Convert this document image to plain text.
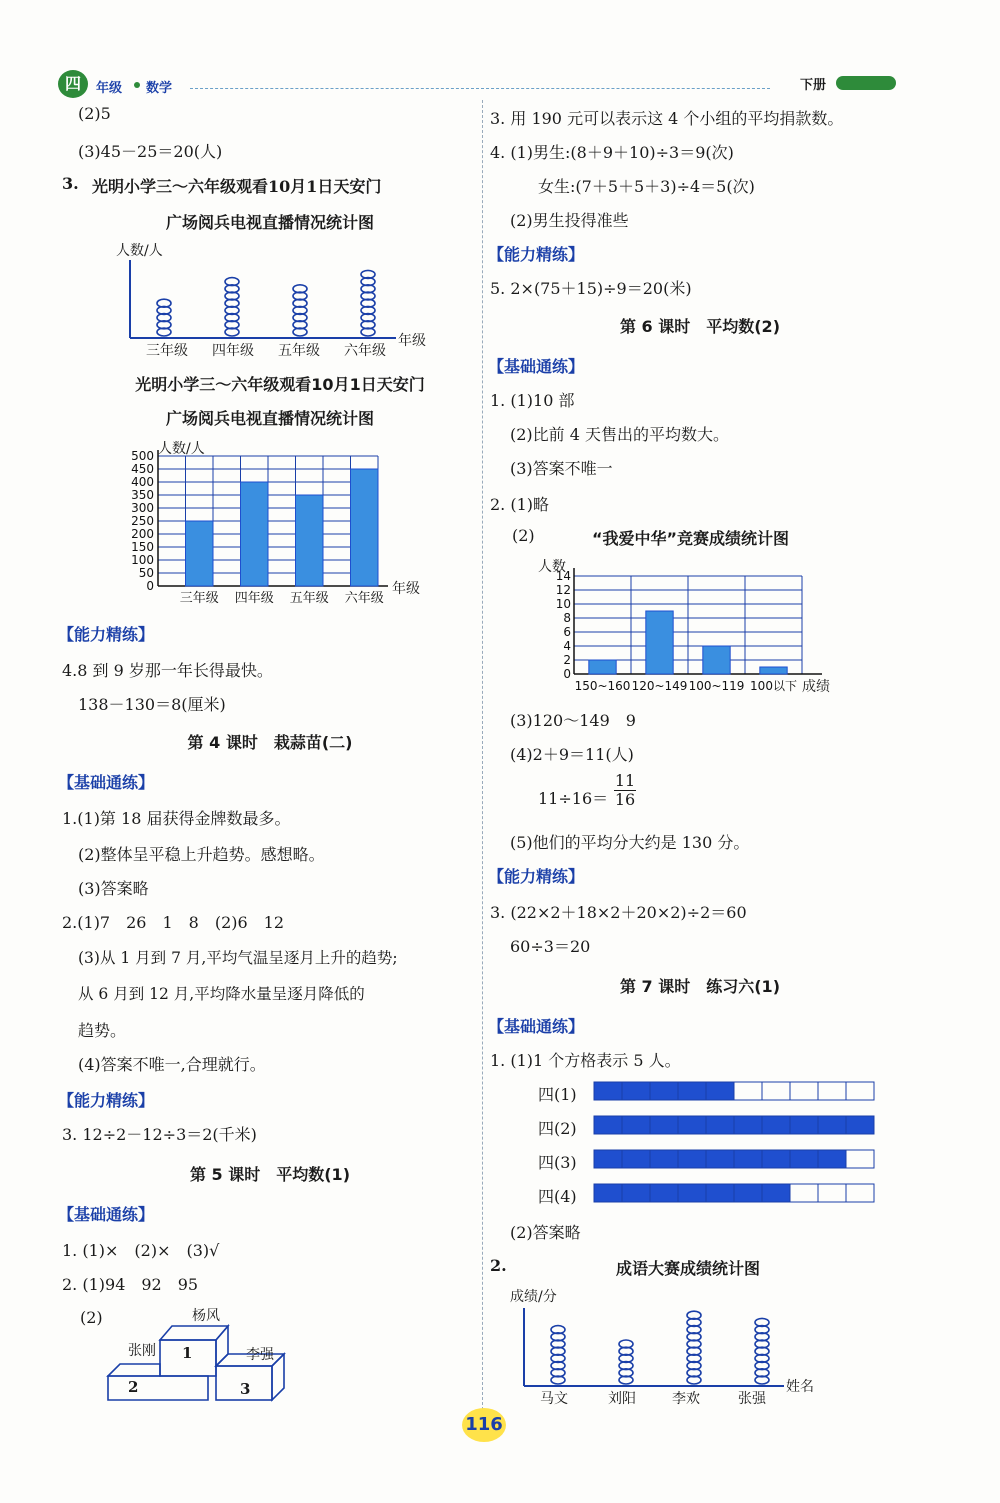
四	年级 数学	下册
(2)5
(3)45－25＝20(人)
3. 光明小学三～六年级观看10月1日天安门
广场阅兵电视直播情况统计图
人数/人
年级
三年级 四年级 五年级 六年级
光明小学三～六年级观看10月1日天安门
广场阅兵电视直播情况统计图
人数/人
年级
0
50
100
150
200
250
300
350
400
450
500
三年级 四年级 五年级 六年级
【能力精练】
4.8 到 9 岁那一年长得最快。
138－130＝8(厘米)
第 4 课时　栽蒜苗(二)
【基础通练】
1.(1)第 18 届获得金牌数最多。
(2)整体呈平稳上升趋势。感想略。
(3)答案略
2.(1)7　26　1　8　(2)6　12
(3)从 1 月到 7 月,平均气温呈逐月上升的趋势;
从 6 月到 12 月,平均降水量呈逐月降低的
趋势。
(4)答案不唯一,合理就行。
【能力精练】
3. 12÷2－12÷3＝2(千米)
第 5 课时　平均数(1)
【基础通练】
1. (1)×　(2)×　(3)√
2. (1)94　92　95
(2)	杨风
张刚	李强
1
2	3
3. 用 190 元可以表示这 4 个小组的平均捐款数。
4. (1)男生:(8＋9＋10)÷3＝9(次)
女生:(7＋5＋5＋3)÷4＝5(次)
(2)男生投得准些
【能力精练】
5. 2×(75＋15)÷9＝20(米)
第 6 课时　平均数(2)
【基础通练】
1. (1)10 部
(2)比前 4 天售出的平均数大。
(3)答案不唯一
2. (1)略
(2)	“我爱中华”竞赛成绩统计图
人数
成绩
0
2
4
6
8
10
12
14
150~160 120~149 100~119 100以下
(3)120～149　9
(4)2＋9＝11(人)
$11\div 16= \frac{11}{16}$
(5)他们的平均分大约是 130 分。
【能力精练】
3. (22×2＋18×2＋20×2)÷2＝60
60÷3＝20
第 7 课时　练习六(1)
【基础通练】
1. (1)1 个方格表示 5 人。
四(1)
四(2)
四(3)
四(4)
(2)答案略
2.	成语大赛成绩统计图
成绩/分
姓名
马文	刘阳	李欢	张强
116
